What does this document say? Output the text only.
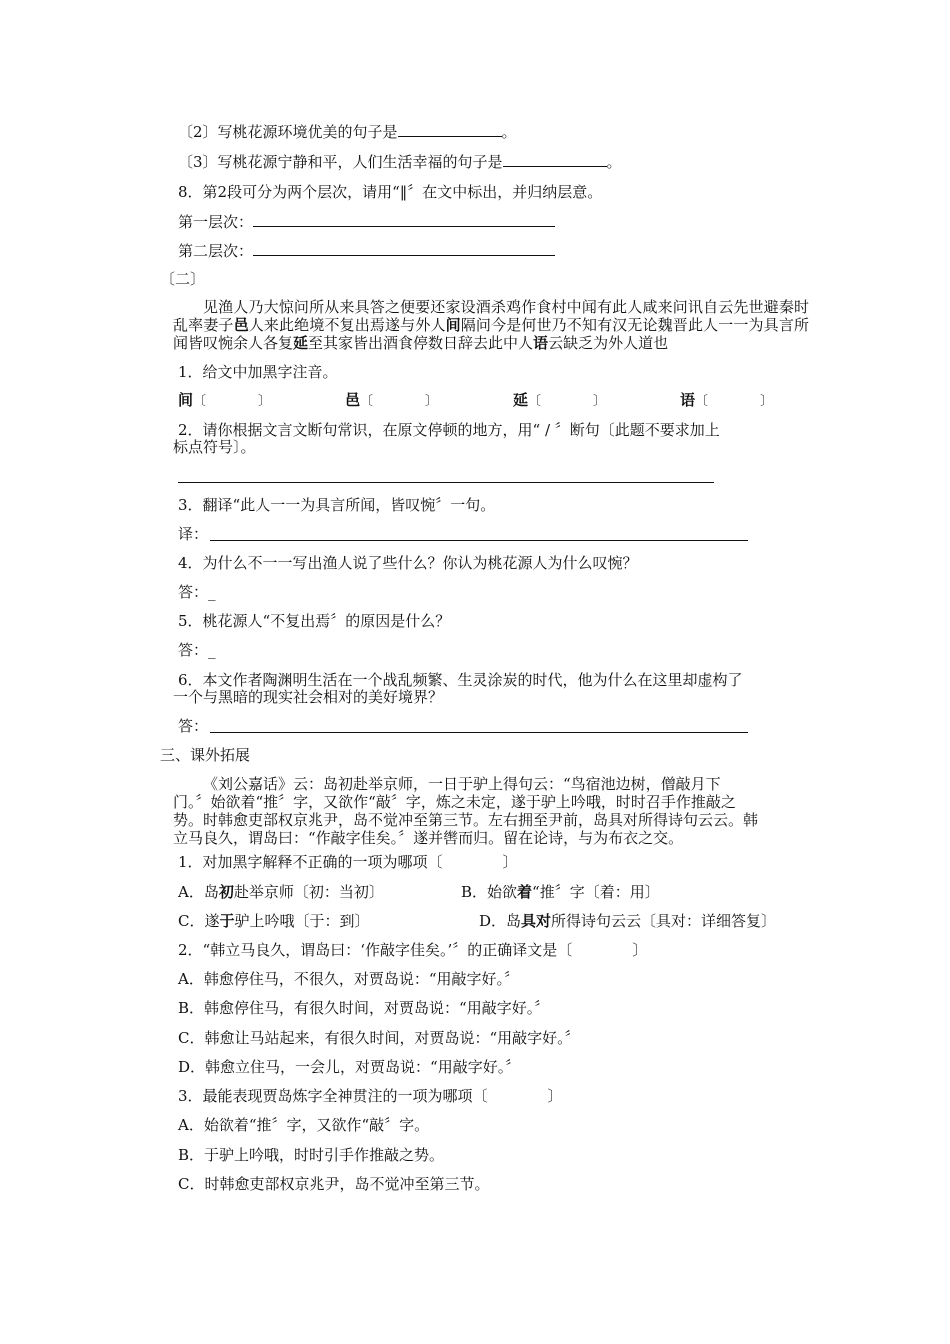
〔2〕写桃花源环境优美的句子是	。
〔3〕写桃花源宁静和平，人们生活幸福的句子是	。
8．第2段可分为两个层次，请用“‖〞在文中标出，并归纳层意。
第一层次：
第二层次：
〔二〕
见渔人乃大惊问所从来具答之便要还家设酒杀鸡作食村中闻有此人咸来问讯自云先世避秦时乱率妻子邑人来此绝境不复出焉遂与外人间隔问今是何世乃不知有汉无论魏晋此人一一为具言所闻皆叹惋余人各复延至其家皆出酒食停数日辞去此中人语云缺乏为外人道也
1．给文中加黑字注音。
间〔　　　　〕	邑〔　　　　〕	延〔　　　　〕	语〔　　　　〕
2．请你根据文言文断句常识，在原文停顿的地方，用“ / 〞断句〔此题不要求加上
标点符号〕。
3．翻译“此人一一为具言所闻，皆叹惋〞一句。
译：
4．为什么不一一写出渔人说了些什么？你认为桃花源人为什么叹惋？
答：_
5．桃花源人“不复出焉〞的原因是什么？
答：_
6．本文作者陶渊明生活在一个战乱频繁、生灵涂炭的时代，他为什么在这里却虚构了
一个与黑暗的现实社会相对的美好境界？
答：
三、课外拓展
《刘公嘉话》云：岛初赴举京师，一日于驴上得句云：“鸟宿池边树，僧敲月下
门。〞始欲着“推〞字，又欲作“敲〞字，炼之未定，遂于驴上吟哦，时时召手作推敲之
势。时韩愈吏部权京兆尹，岛不觉冲至第三节。左右拥至尹前，岛具对所得诗句云云。韩
立马良久，谓岛曰：“作敲字佳矣。〞遂并辔而归。留在论诗，与为布衣之交。
1．对加黑字解释不正确的一项为哪项〔　　　　〕
A．岛初赴举京师〔初：当初〕	B．始欲着“推〞字〔着：用〕
C．遂于驴上吟哦〔于：到〕	D．岛具对所得诗句云云〔具对：详细答复〕
2．“韩立马良久，谓岛曰：‘作敲字佳矣。’〞的正确译文是〔　　　　〕
A．韩愈停住马，不很久，对贾岛说：“用敲字好。〞
B．韩愈停住马，有很久时间，对贾岛说：“用敲字好。〞
C．韩愈让马站起来，有很久时间，对贾岛说：“用敲字好。〞
D．韩愈立住马，一会儿，对贾岛说：“用敲字好。〞
3．最能表现贾岛炼字全神贯注的一项为哪项〔　　　　〕
A．始欲着“推〞字，又欲作“敲〞字。
B．于驴上吟哦，时时引手作推敲之势。
C．时韩愈吏部权京兆尹，岛不觉冲至第三节。
